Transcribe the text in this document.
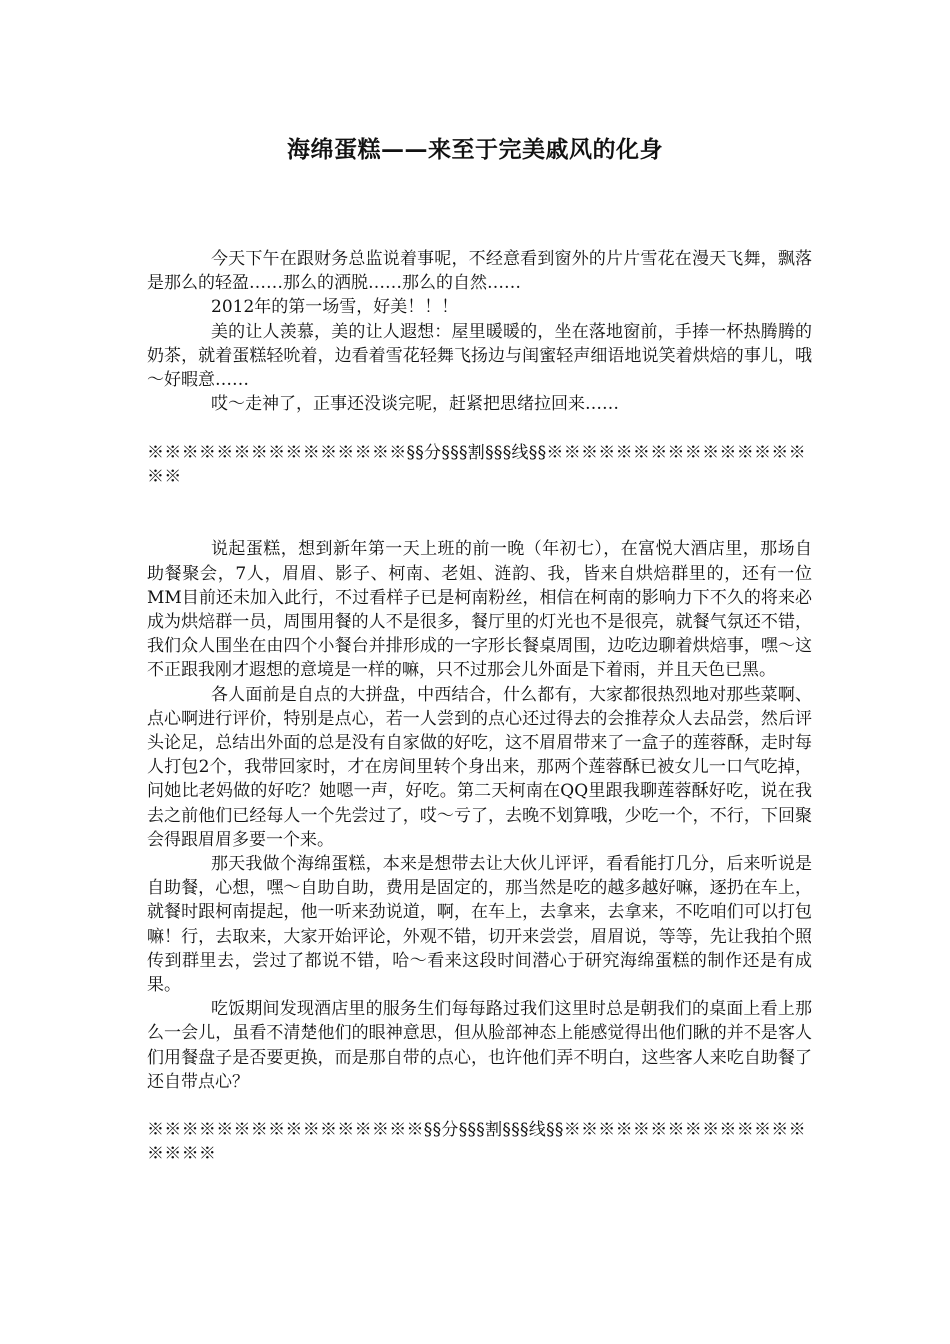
海绵蛋糕——来至于完美戚风的化身

今天下午在跟财务总监说着事呢，不经意看到窗外的片片雪花在漫天飞舞，飘落是那么的轻盈……那么的洒脱……那么的自然……

2012年的第一场雪，好美！！！

美的让人羡慕，美的让人遐想：屋里暖暖的，坐在落地窗前，手捧一杯热腾腾的奶茶，就着蛋糕轻吮着，边看着雪花轻舞飞扬边与闺蜜轻声细语地说笑着烘焙的事儿，哦～好暇意……

哎～走神了，正事还没谈完呢，赶紧把思绪拉回来……

※※※※※※※※※※※※※※※§§分§§§割§§§线§§※※※※※※※※※※※※※※※※※

说起蛋糕，想到新年第一天上班的前一晚（年初七），在富悦大酒店里，那场自助餐聚会，7人，眉眉、影子、柯南、老姐、涟韵、我，皆来自烘焙群里的，还有一位MM目前还未加入此行，不过看样子已是柯南粉丝，相信在柯南的影响力下不久的将来必成为烘焙群一员，周围用餐的人不是很多，餐厅里的灯光也不是很亮，就餐气氛还不错，我们众人围坐在由四个小餐台并排形成的一字形长餐桌周围，边吃边聊着烘焙事，嘿～这不正跟我刚才遐想的意境是一样的嘛，只不过那会儿外面是下着雨，并且天色已黑。

各人面前是自点的大拼盘，中西结合，什么都有，大家都很热烈地对那些菜啊、点心啊进行评价，特别是点心，若一人尝到的点心还过得去的会推荐众人去品尝，然后评头论足，总结出外面的总是没有自家做的好吃，这不眉眉带来了一盒子的莲蓉酥，走时每人打包2个，我带回家时，才在房间里转个身出来，那两个莲蓉酥已被女儿一口气吃掉，问她比老妈做的好吃？她嗯一声，好吃。第二天柯南在QQ里跟我聊莲蓉酥好吃，说在我去之前他们已经每人一个先尝过了，哎～亏了，去晚不划算哦，少吃一个，不行，下回聚会得跟眉眉多要一个来。

那天我做个海绵蛋糕，本来是想带去让大伙儿评评，看看能打几分，后来听说是自助餐，心想，嘿～自助自助，费用是固定的，那当然是吃的越多越好嘛，逐扔在车上，就餐时跟柯南提起，他一听来劲说道，啊，在车上，去拿来，去拿来，不吃咱们可以打包嘛！行，去取来，大家开始评论，外观不错，切开来尝尝，眉眉说，等等，先让我拍个照传到群里去，尝过了都说不错，哈～看来这段时间潜心于研究海绵蛋糕的制作还是有成果。

吃饭期间发现酒店里的服务生们每每路过我们这里时总是朝我们的桌面上看上那么一会儿，虽看不清楚他们的眼神意思，但从脸部神态上能感觉得出他们瞅的并不是客人们用餐盘子是否要更换，而是那自带的点心，也许他们弄不明白，这些客人来吃自助餐了还自带点心？

※※※※※※※※※※※※※※※※§§分§§§割§§§线§§※※※※※※※※※※※※※※※※※※
